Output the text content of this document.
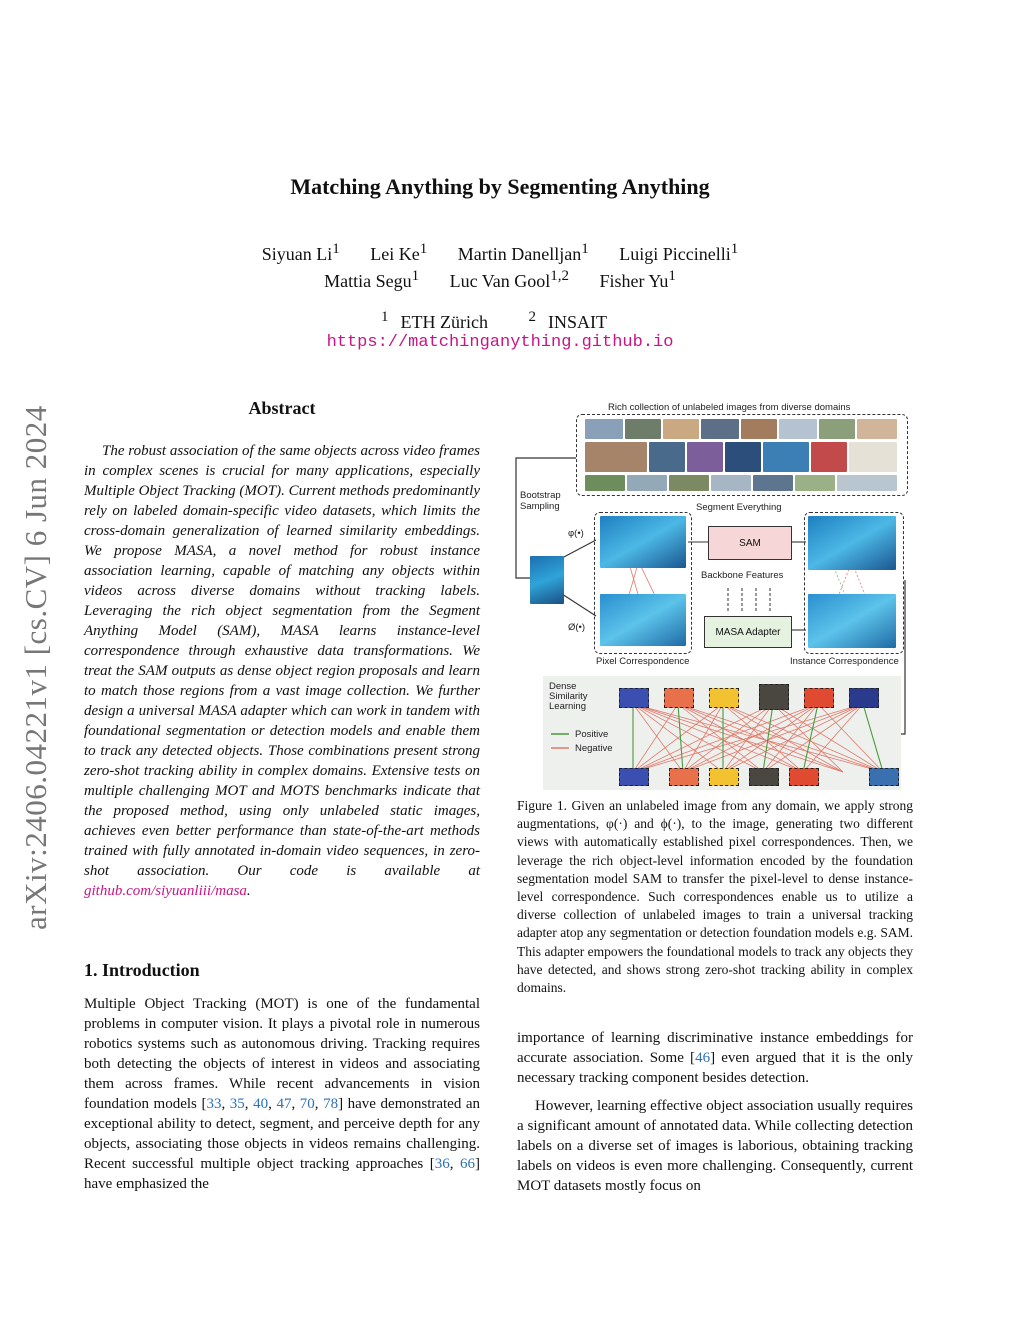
Matching Anything by Segmenting Anything
Siyuan Li$^1$ Lei Ke$^1$ Martin Danelljan$^1$ Luigi Piccinelli$^1$
Mattia Segu$^1$ Luc Van Gool$^{1,2}$ Fisher Yu$^1$
$^1$ ETH Zürich	$^2$ INSAIT
https://matchinganything.github.io
arXiv:2406.04221v1 [cs.CV] 6 Jun 2024	Abstract

The robust association of the same objects across video frames in complex scenes is crucial for many applications, especially Multiple Object Tracking (MOT). Current methods predominantly rely on labeled domain-specific video datasets, which limits the cross-domain generalization of learned similarity embeddings. We propose MASA, a novel method for robust instance association learning, capable of matching any objects within videos across diverse domains without tracking labels. Leveraging the rich object segmentation from the Segment Anything Model (SAM), MASA learns instance-level correspondence through exhaustive data transformations. We treat the SAM outputs as dense object region proposals and learn to match those regions from a vast image collection. We further design a universal MASA adapter which can work in tandem with foundational segmentation or detection models and enable them to track any detected objects. Those combinations present strong zero-shot tracking ability in complex domains. Extensive tests on multiple challenging MOT and MOTS benchmarks indicate that the proposed method, using only unlabeled static images, achieves even better performance than state-of-the-art methods trained with fully annotated in-domain video sequences, in zero-shot association. Our code is available at github.com/siyuanliii/masa.

1. Introduction

Multiple Object Tracking (MOT) is one of the fundamental problems in computer vision. It plays a pivotal role in numerous robotics systems such as autonomous driving. Tracking requires both detecting the objects of interest in videos and associating them across frames. While recent advancements in vision foundation models [33, 35, 40, 47, 70, 78] have demonstrated an exceptional ability to detect, segment, and perceive depth for any objects, associating those objects in videos remains challenging. Recent successful multiple object tracking approaches [36, 66] have emphasized the

importance of learning discriminative instance embeddings for accurate association. Some [46] even argued that it is the only necessary tracking component besides detection.

However, learning effective object association usually requires a significant amount of annotated data. While collecting detection labels on a diverse set of images is laborious, obtaining tracking labels on videos is even more challenging. Consequently, current MOT datasets mostly focus on

Rich collection of unlabeled images from diverse domains
Bootstrap Sampling
φ(•)
Ø(•)
Segment Everything
SAM
Backbone Features
MASA Adapter
Pixel Correspondence	Instance Correspondence
Dense Similarity Learning
Positive
Negative
Figure 1. Given an unlabeled image from any domain, we apply strong augmentations, φ(·) and ϕ(·), to the image, generating two different views with automatically established pixel correspondences. Then, we leverage the rich object-level information encoded by the foundation segmentation model SAM to transfer the pixel-level to dense instance-level correspondence. Such correspondences enable us to utilize a diverse collection of unlabeled images to train a universal tracking adapter atop any segmentation or detection foundation models e.g. SAM. This adapter empowers the foundational models to track any objects they have detected, and shows strong zero-shot tracking ability in complex domains.
